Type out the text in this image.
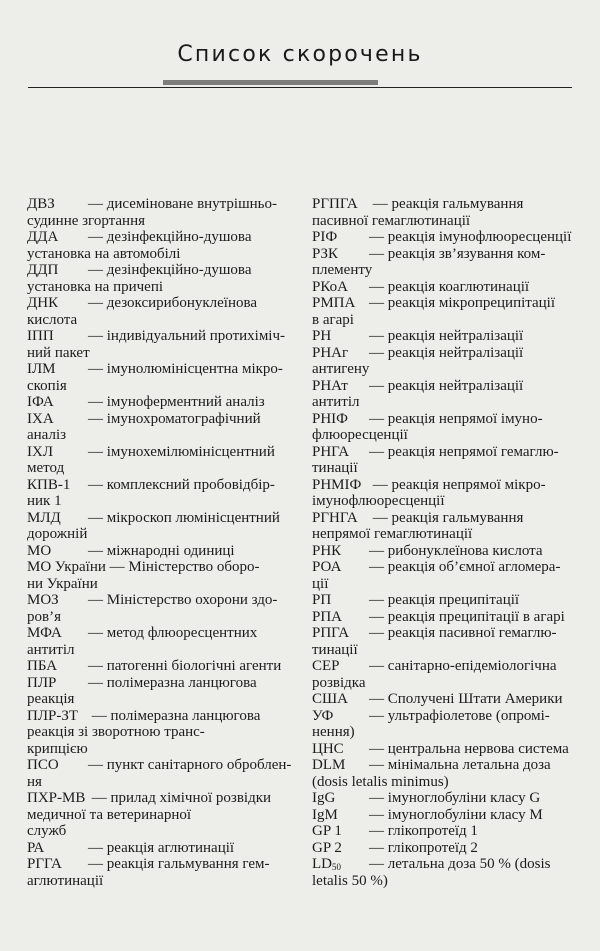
Список скорочень
ДВЗ — дисеміноване внутрішньо-
судинне згортання
ДДА — дезінфекційно-душова
установка на автомобілі
ДДП — дезінфекційно-душова
установка на причепі
ДНК — дезоксирибонуклеїнова
кислота
ІПП — індивідуальний протихіміч-
ний пакет
ІЛМ — імунолюмінісцентна мікро-
скопія
ІФА — імуноферментний аналіз
ІХА — імунохроматографічний
аналіз
ІХЛ — імунохемілюмінісцентний
метод
КПВ-1 — комплексний пробовідбір-
ник 1
МЛД — мікроскоп люмінісцентний
дорожній
МО — міжнародні одиниці
МО України — Міністерство оборо-
ни України
МОЗ — Міністерство охорони здо-
ров’я
МФА — метод флюоресцентних
антитіл
ПБА — патогенні біологічні агенти
ПЛР — полімеразна ланцюгова
реакція
ПЛР-ЗТ — полімеразна ланцюгова
реакція зі зворотною транс-
крипцією
ПСО — пункт санітарного оброблен-
ня
ПХР-МВ — прилад хімічної розвідки
медичної та ветеринарної
служб
РА	— реакція аглютинації
РГГА — реакція гальмування гем-
аглютинації
РГПГА — реакція гальмування
пасивної гемаглютинації
РІФ — реакція імунофлюоресценції
РЗК — реакція зв’язування ком-
плементу
РКоА — реакція коаглютинації
РМПА — реакція мікропреципітації
в агарі
РН	— реакція нейтралізації
РНАг — реакція нейтралізації
антигену
РНАт — реакція нейтралізації
антитіл
РНІФ — реакція непрямої імуно-
флюоресценції
РНГА — реакція непрямої гемаглю-
тинації
РНМІФ — реакція непрямої мікро-
імунофлюоресценції
РГНГА — реакція гальмування
непрямої гемаглютинації
РНК — рибонуклеїнова кислота
РОА — реакція об’ємної агломера-
ції
РП	— реакція преципітації
РПА — реакція преципітації в агарі
РПГА — реакція пасивної гемаглю-
тинації
СЕР — санітарно-епідеміологічна
розвідка
США — Сполучені Штати Америки
УФ — ультрафіолетове (опромі-
нення)
ЦНС — центральна нервова система
DLM — мінімальна летальна доза
(dosis letalis minimus)
IgG — імуноглобуліни класу G
IgM — імуноглобуліни класу M
GP 1 — глікопротеїд 1
GP 2 — глікопротеїд 2
$LD_{50}$ — летальна доза 50 % (dosis
letalis 50 %)
